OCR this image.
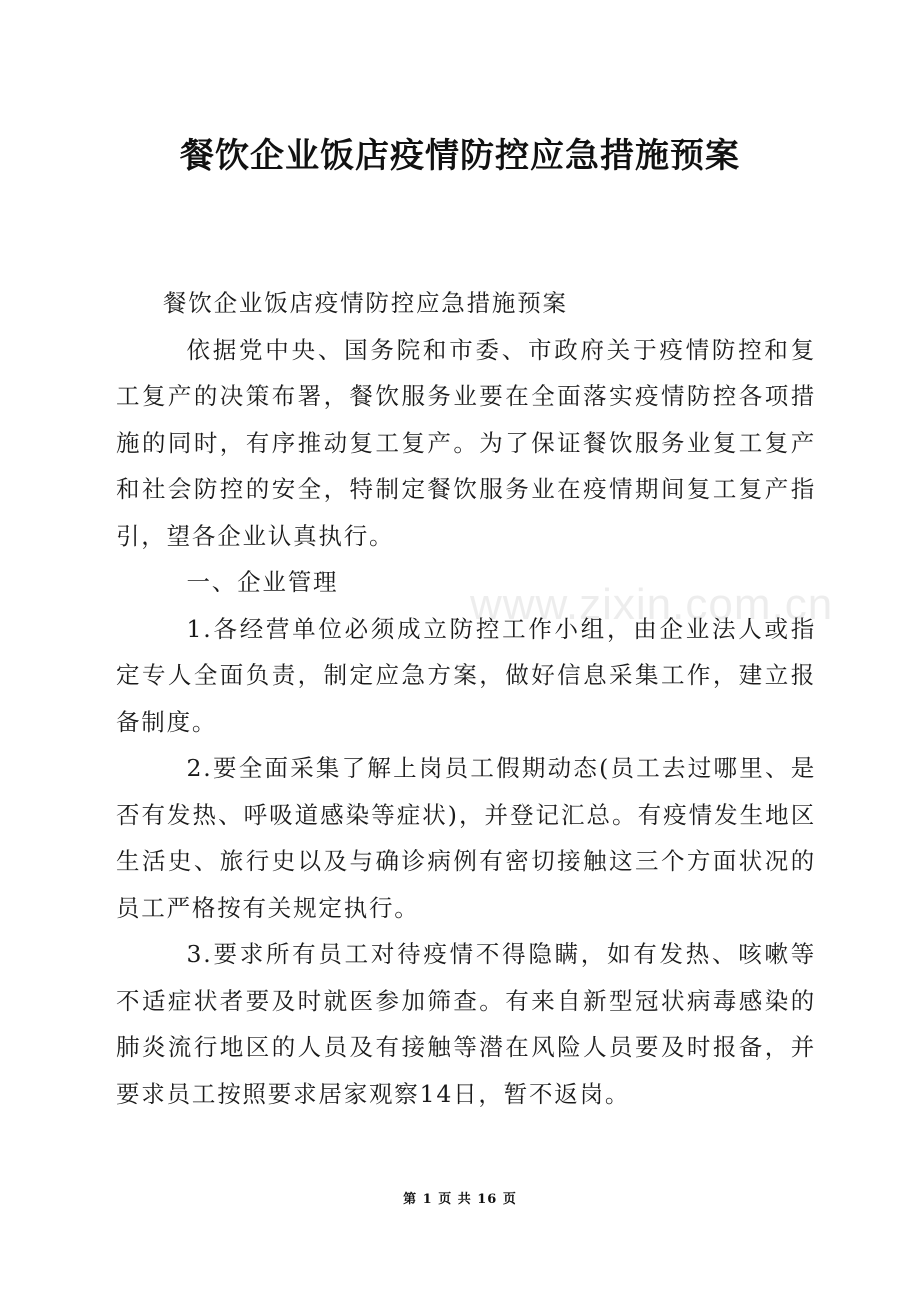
餐饮企业饭店疫情防控应急措施预案
www.zixin.com.cn

餐饮企业饭店疫情防控应急措施预案

依据党中央、国务院和市委、市政府关于疫情防控和复工复产的决策布署，餐饮服务业要在全面落实疫情防控各项措施的同时，有序推动复工复产。为了保证餐饮服务业复工复产和社会防控的安全，特制定餐饮服务业在疫情期间复工复产指引，望各企业认真执行。

一、企业管理

1.各经营单位必须成立防控工作小组，由企业法人或指定专人全面负责，制定应急方案，做好信息采集工作，建立报备制度。

2.要全面采集了解上岗员工假期动态(员工去过哪里、是否有发热、呼吸道感染等症状)，并登记汇总。有疫情发生地区生活史、旅行史以及与确诊病例有密切接触这三个方面状况的员工严格按有关规定执行。

3.要求所有员工对待疫情不得隐瞒，如有发热、咳嗽等不适症状者要及时就医参加筛查。有来自新型冠状病毒感染的肺炎流行地区的人员及有接触等潜在风险人员要及时报备，并要求员工按照要求居家观察14日，暂不返岗。

第 1 页 共 16 页
